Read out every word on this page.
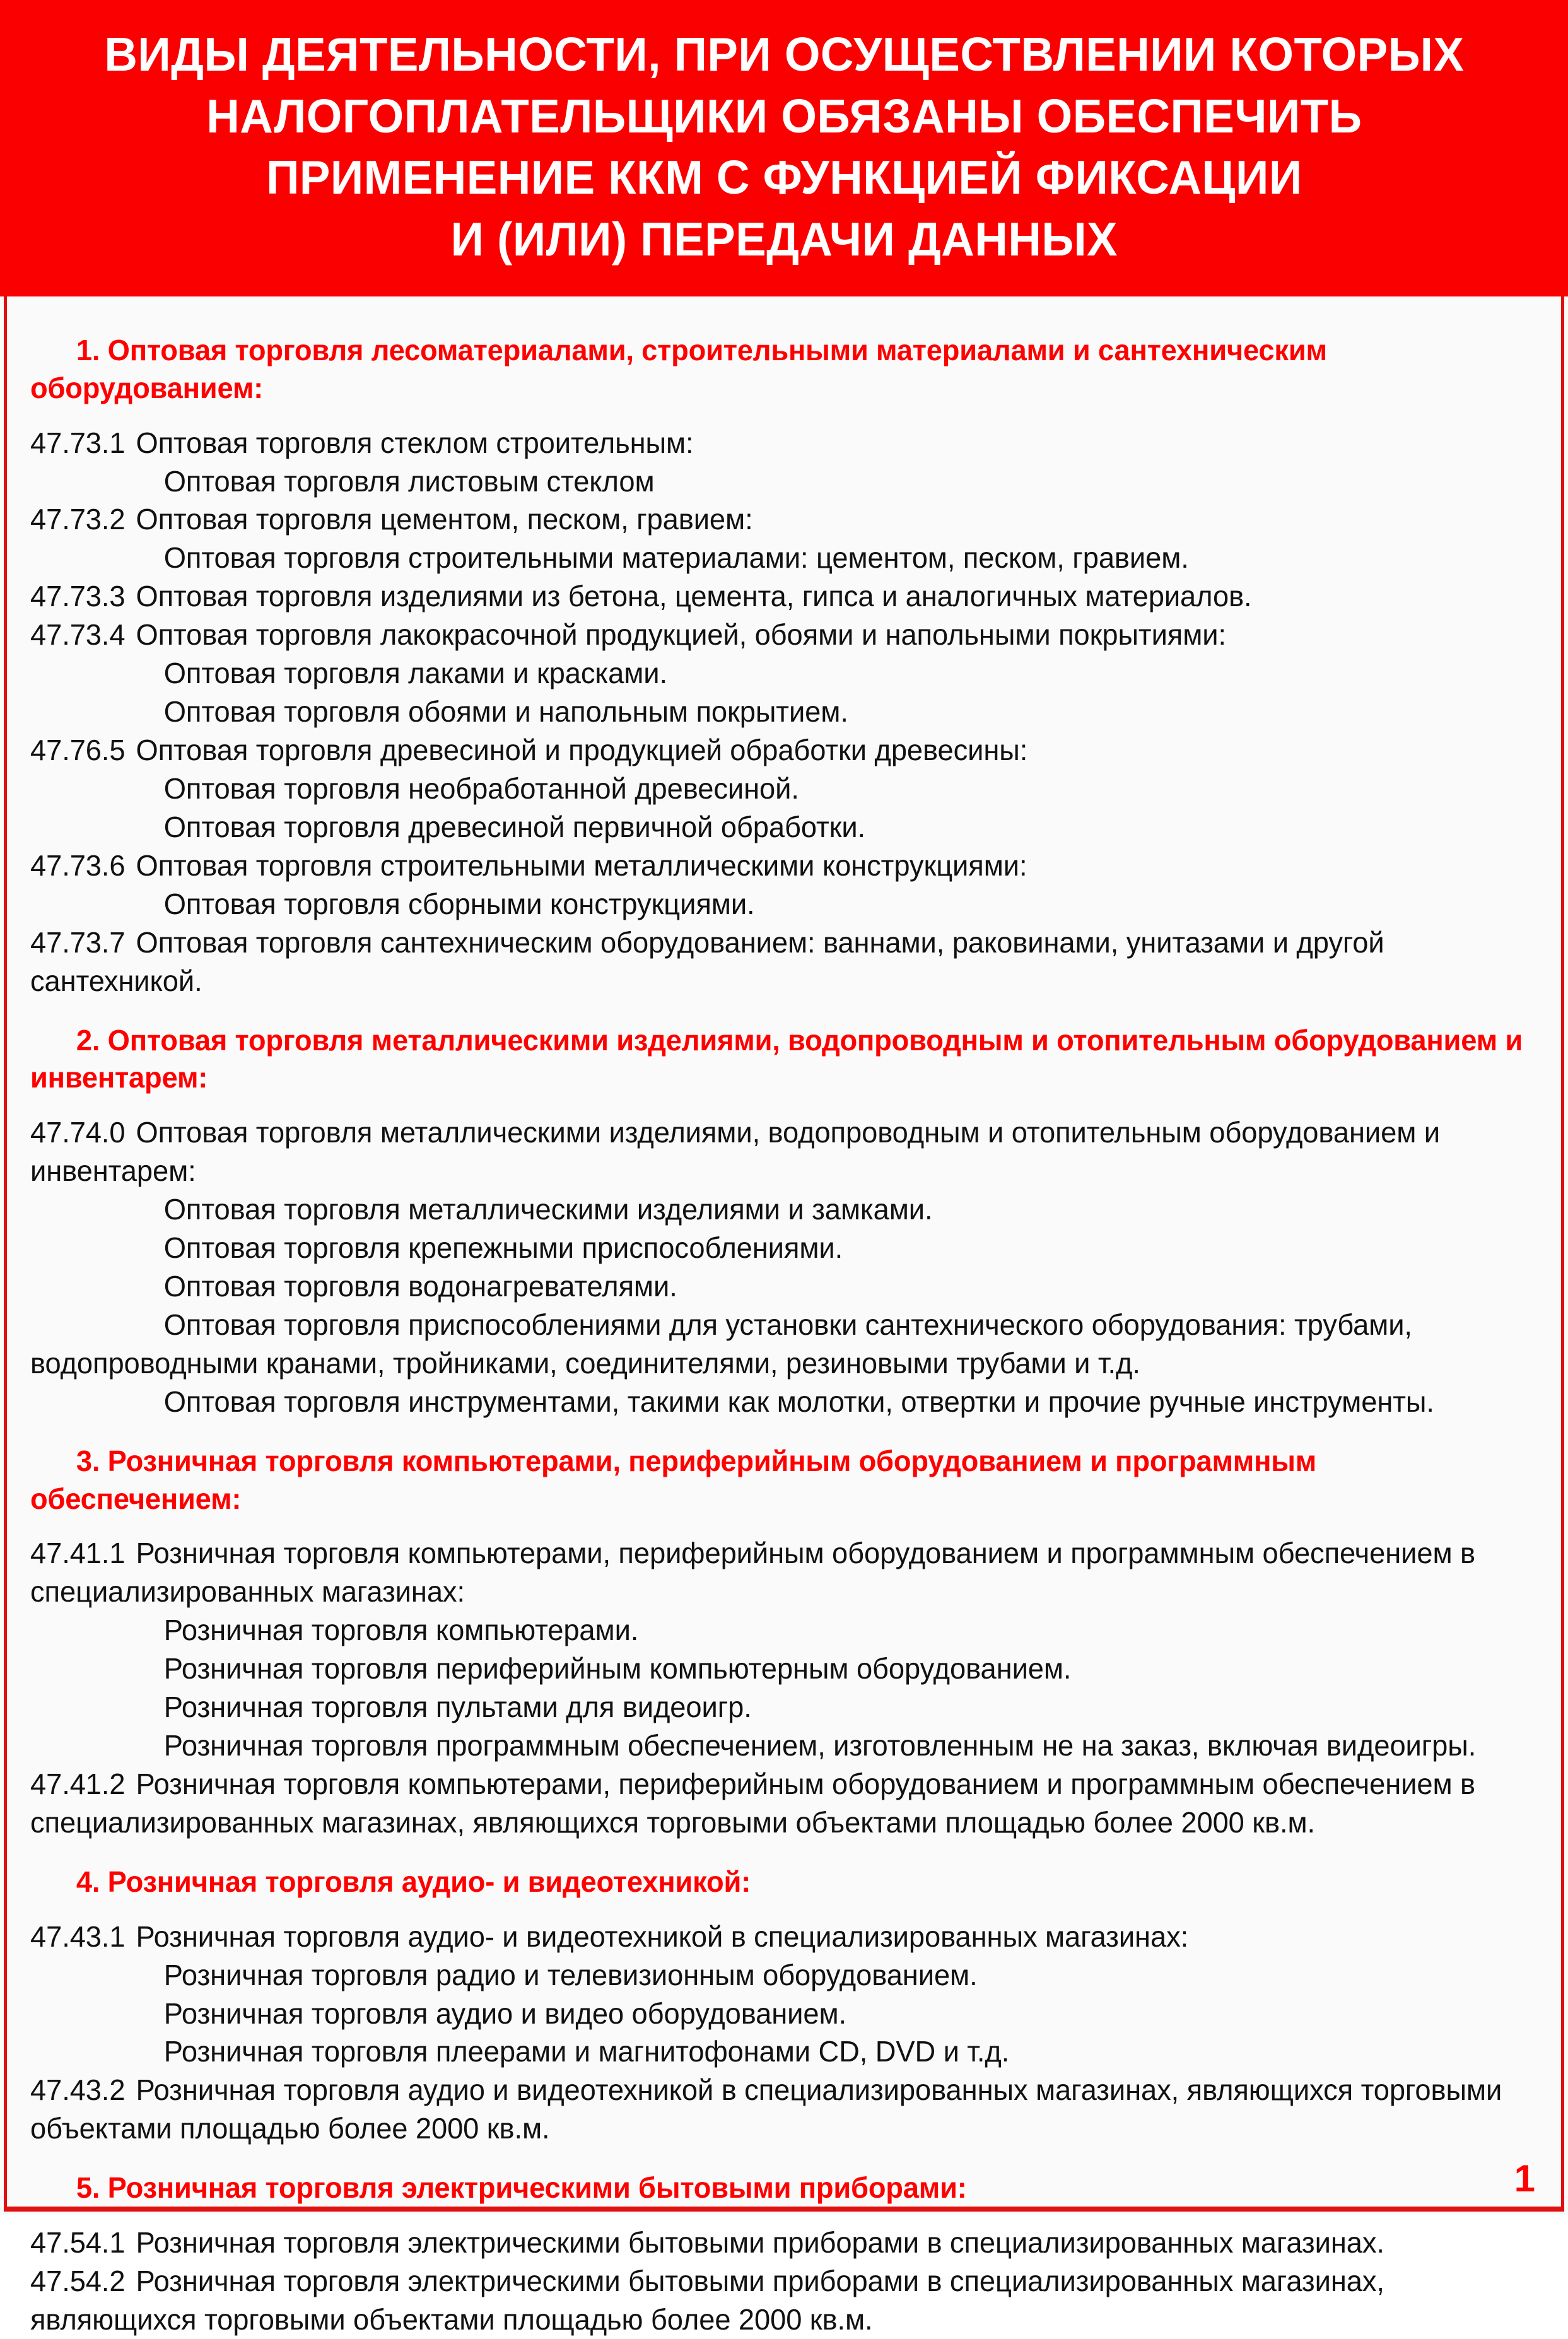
ВИДЫ ДЕЯТЕЛЬНОСТИ, ПРИ ОСУЩЕСТВЛЕНИИ КОТОРЫХ
НАЛОГОПЛАТЕЛЬЩИКИ ОБЯЗАНЫ ОБЕСПЕЧИТЬ
ПРИМЕНЕНИЕ ККМ С ФУНКЦИЕЙ ФИКСАЦИИ
И (ИЛИ) ПЕРЕДАЧИ ДАННЫХ
1. Оптовая торговля лесоматериалами, строительными материалами и сантехническим оборудованием:
47.73.1 Оптовая торговля стеклом строительным:
Оптовая торговля листовым стеклом
47.73.2 Оптовая торговля цементом, песком, гравием:
Оптовая торговля строительными материалами: цементом, песком, гравием.
47.73.3 Оптовая торговля изделиями из бетона, цемента, гипса и аналогичных материалов.
47.73.4 Оптовая торговля лакокрасочной продукцией, обоями и напольными покрытиями:
Оптовая торговля лаками и красками.
Оптовая торговля обоями и напольным покрытием.
47.76.5 Оптовая торговля древесиной и продукцией обработки древесины:
Оптовая торговля необработанной древесиной.
Оптовая торговля древесиной первичной обработки.
47.73.6 Оптовая торговля строительными металлическими конструкциями:
Оптовая торговля сборными конструкциями.
47.73.7 Оптовая торговля сантехническим оборудованием: ваннами, раковинами, унитазами и другой сантехникой.
2. Оптовая торговля металлическими изделиями, водопроводным и отопительным оборудованием и инвентарем:
47.74.0 Оптовая торговля металлическими изделиями, водопроводным и отопительным оборудованием и инвентарем:
Оптовая торговля металлическими изделиями и замками.
Оптовая торговля крепежными приспособлениями.
Оптовая торговля водонагревателями.
Оптовая торговля приспособлениями для установки сантехнического оборудования: трубами, водопроводными кранами, тройниками, соединителями, резиновыми трубами и т.д.
Оптовая торговля инструментами, такими как молотки, отвертки и прочие ручные инструменты.
3. Розничная торговля компьютерами, периферийным оборудованием и программным обеспечением:
47.41.1 Розничная торговля компьютерами, периферийным оборудованием и программным обеспечением в специализированных магазинах:
Розничная торговля компьютерами.
Розничная торговля периферийным компьютерным оборудованием.
Розничная торговля пультами для видеоигр.
Розничная торговля программным обеспечением, изготовленным не на заказ, включая видеоигры.
47.41.2 Розничная торговля компьютерами, периферийным оборудованием и программным обеспечением в специализированных магазинах, являющихся торговыми объектами площадью более 2000 кв.м.
4. Розничная торговля аудио- и видеотехникой:
47.43.1 Розничная торговля аудио- и видеотехникой в специализированных магазинах:
Розничная торговля радио и телевизионным оборудованием.
Розничная торговля аудио и видео оборудованием.
Розничная торговля плеерами и магнитофонами CD, DVD и т.д.
47.43.2 Розничная торговля аудио и видеотехникой в специализированных магазинах, являющихся торговыми объектами площадью более 2000 кв.м.
5. Розничная торговля электрическими бытовыми приборами:
47.54.1 Розничная торговля электрическими бытовыми приборами в специализированных магазинах.
47.54.2 Розничная торговля электрическими бытовыми приборами в специализированных магазинах, являющихся торговыми объектами площадью более 2000 кв.м.
1
